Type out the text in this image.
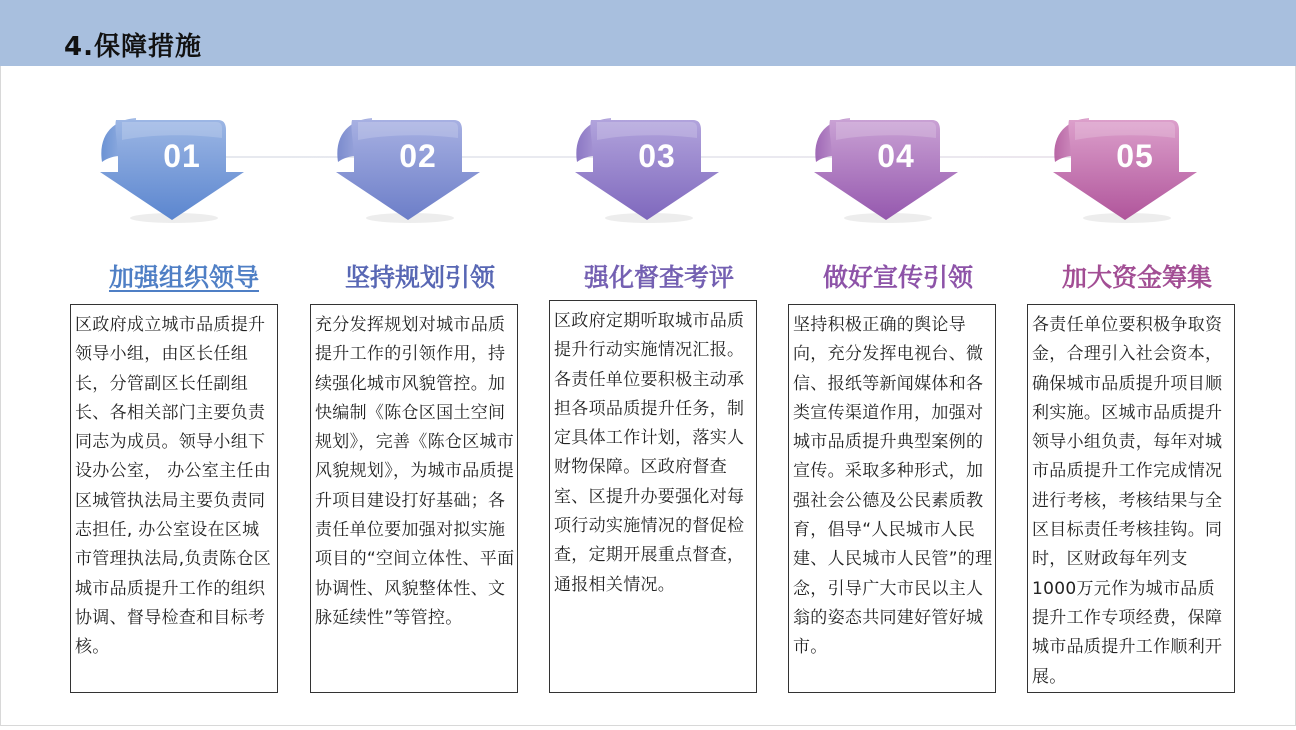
4.保障措施
01
加强组织领导
区政府成立城市品质提升领导小组，由区长任组长，分管副区长任副组长、各相关部门主要负责同志为成员。领导小组下设办公室， 办公室主任由区城管执法局主要负责同志担任, 办公室设在区城市管理执法局,负责陈仓区城市品质提升工作的组织协调、督导检查和目标考核。
02
坚持规划引领
充分发挥规划对城市品质提升工作的引领作用，持续强化城市风貌管控。加快编制《陈仓区国土空间规划》，完善《陈仓区城市风貌规划》，为城市品质提升项目建设打好基础；各责任单位要加强对拟实施项目的“空间立体性、平面协调性、风貌整体性、文脉延续性”等管控。
03
强化督查考评
区政府定期听取城市品质提升行动实施情况汇报。各责任单位要积极主动承担各项品质提升任务，制定具体工作计划，落实人财物保障。区政府督查室、区提升办要强化对每项行动实施情况的督促检查，定期开展重点督查，通报相关情况。
04
做好宣传引领
坚持积极正确的舆论导向，充分发挥电视台、微信、报纸等新闻媒体和各类宣传渠道作用，加强对城市品质提升典型案例的宣传。采取多种形式，加强社会公德及公民素质教育，倡导“人民城市人民建、人民城市人民管”的理念，引导广大市民以主人翁的姿态共同建好管好城市。
05
加大资金筹集
各责任单位要积极争取资金，合理引入社会资本，确保城市品质提升项目顺利实施。区城市品质提升领导小组负责，每年对城市品质提升工作完成情况进行考核，考核结果与全区目标责任考核挂钩。同时，区财政每年列支1000万元作为城市品质提升工作专项经费，保障城市品质提升工作顺利开展。
